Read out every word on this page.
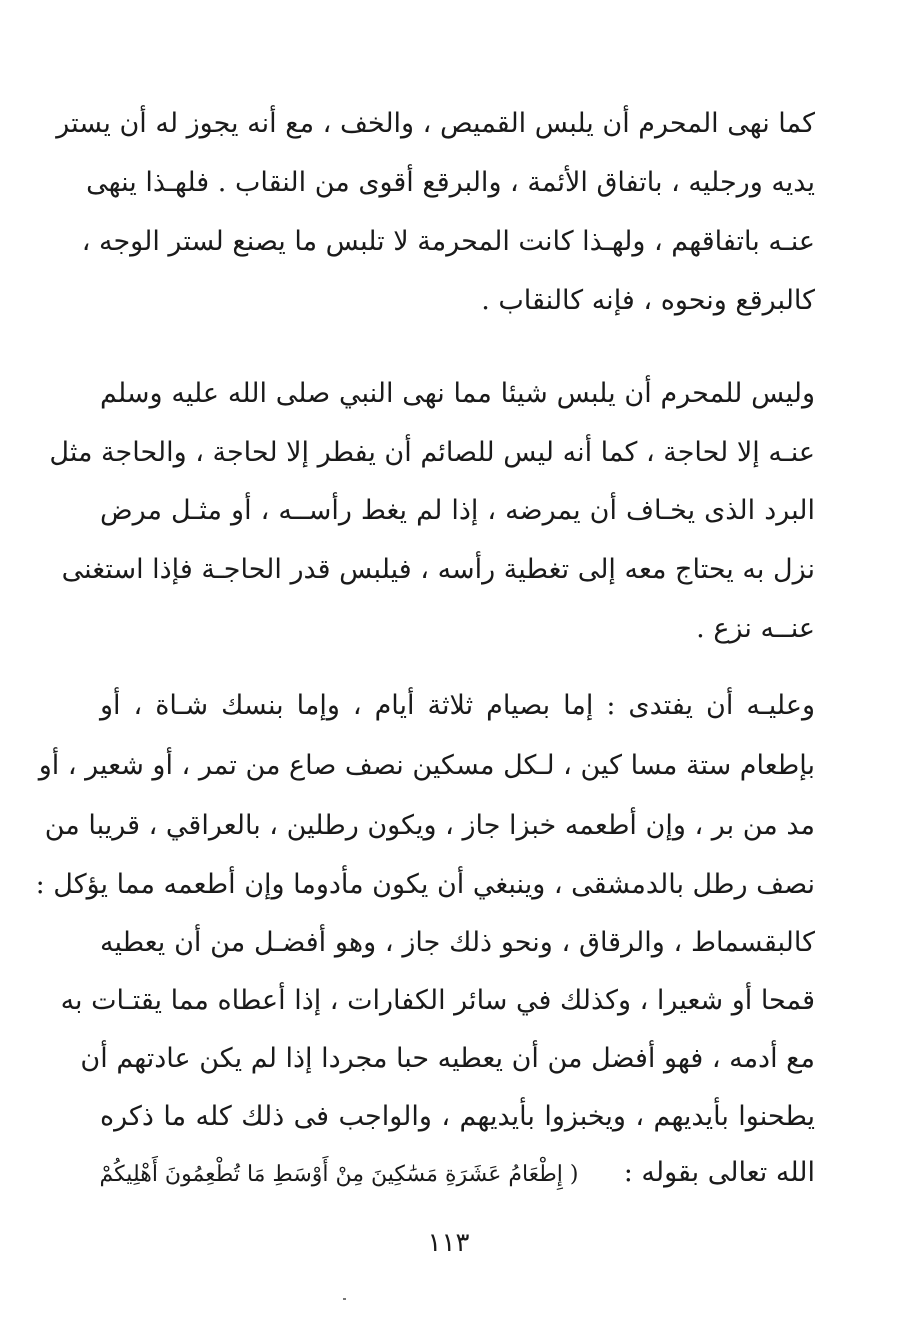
كما نهى المحرم أن يلبس القميص ، والخف ، مع أنه يجوز له أن يستر
يديه ورجليه ، باتفاق الأئمة ، والبرقع أقوى من النقاب . فلهـذا ينهى
عنـه باتفاقهم ، ولهـذا كانت المحرمة لا تلبس ما يصنع لستر الوجه ،
كالبرقع ونحوه ، فإنه كالنقاب .
وليس للمحرم أن يلبس شيئا مما نهى النبي صلى الله عليه وسلم
عنـه إلا لحاجة ، كما أنه ليس للصائم أن يفطر إلا لحاجة ، والحاجة مثل
البرد الذى يخـاف أن يمرضه ، إذا لم يغط رأســه ، أو مثـل مرض
نزل به يحتاج معه إلى تغطية رأسه ، فيلبس قدر الحاجـة فإذا استغنى
عنــه نزع .
وعليـه أن يفتدى : إما بصيام ثلاثة أيام ، وإما بنسك شـاة ، أو
بإطعام ستة مسا كين ، لـكل مسكين نصف صاع من تمر ، أو شعير ، أو
مد من بر ، وإن أطعمه خبزا جاز ، ويكون رطلين ، بالعراقي ، قريبا من
نصف رطل بالدمشقى ، وينبغي أن يكون مأدوما وإن أطعمه مما يؤكل :
كالبقسماط ، والرقاق ، ونحو ذلك جاز ، وهو أفضـل من أن يعطيه
قمحا أو شعيرا ، وكذلك في سائر الكفارات ، إذا أعطاه مما يقتـات به
مع أدمه ، فهو أفضل من أن يعطيه حبا مجردا إذا لم يكن عادتهم أن
يطحنوا بأيديهم ، ويخبزوا بأيديهم ، والواجب فى ذلك كله ما ذكره
الله تعالى بقوله :  ( إِطْعَامُ عَشَرَةِ مَسَٰكِينَ مِنْ أَوْسَطِ مَا تُطْعِمُونَ أَهْلِيكُمْ
١١٣
